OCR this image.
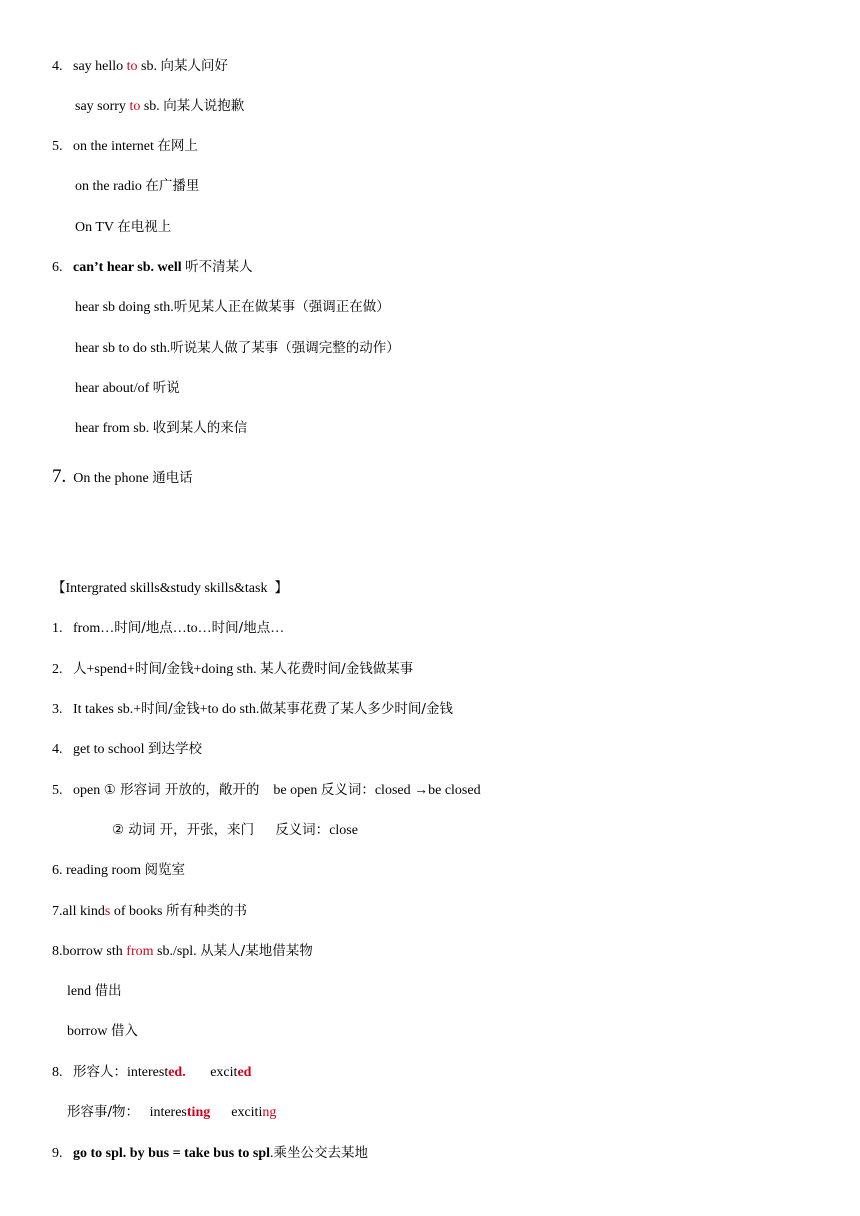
4. say hello to sb. 向某人问好
say sorry to sb. 向某人说抱歉
5. on the internet 在网上
on the radio 在广播里
On TV 在电视上
6. can’t hear sb. well 听不清某人
hear sb doing sth.听见某人正在做某事（强调正在做）
hear sb to do sth.听说某人做了某事（强调完整的动作）
hear about/of 听说
hear from sb. 收到某人的来信
7. On the phone 通电话
【Intergrated skills&study skills&task 】
1. from…时间/地点…to…时间/地点…
2. 人+spend+时间/金钱+doing sth. 某人花费时间/金钱做某事
3. It takes sb.+时间/金钱+to do sth.做某事花费了某人多少时间/金钱
4. get to school 到达学校
5. open ① 形容词 开放的，敞开的 be open 反义词：closed →be closed
② 动词 开，开张，来门 反义词：close
6. reading room 阅览室
7.all kinds of books 所有种类的书
8.borrow sth from sb./spl. 从某人/某地借某物
lend 借出
borrow 借入
8. 形容人：interested. excited
形容事/物： interesting exciting
9. go to spl. by bus = take bus to spl.乘坐公交去某地
